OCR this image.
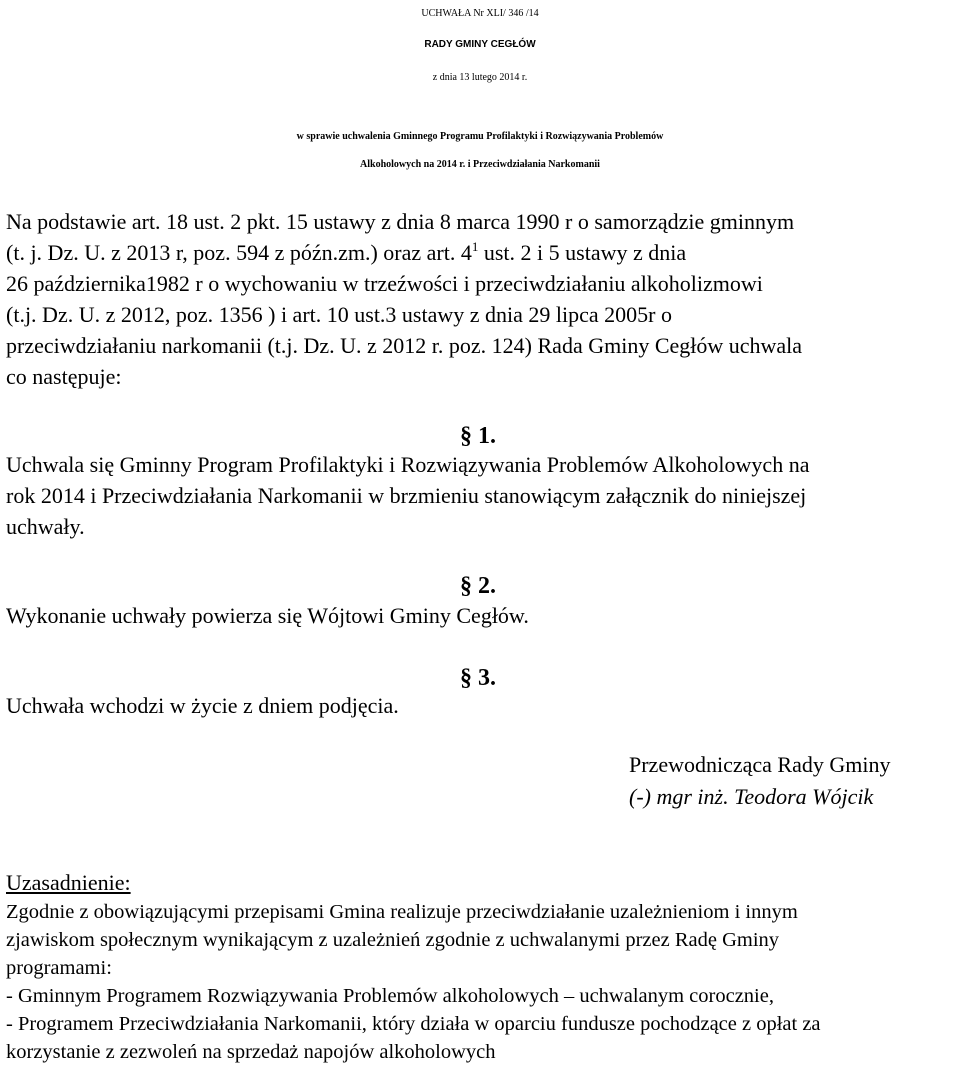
UCHWAŁA Nr XLI/ 346 /14
RADY GMINY CEGŁÓW
z dnia 13 lutego 2014 r.
w sprawie uchwalenia Gminnego Programu Profilaktyki i Rozwiązywania Problemów
Alkoholowych na 2014 r. i Przeciwdziałania Narkomanii
Na podstawie art. 18 ust. 2 pkt. 15 ustawy z dnia 8 marca 1990 r o samorządzie gminnym
(t. j. Dz. U. z 2013 r, poz. 594 z późn.zm.) oraz art. $4^1$ ust. 2 i 5 ustawy z dnia
26 października1982 r o wychowaniu w trzeźwości i przeciwdziałaniu alkoholizmowi
(t.j. Dz. U. z 2012, poz. 1356 ) i art. 10 ust.3 ustawy z dnia 29 lipca 2005r o
przeciwdziałaniu narkomanii (t.j. Dz. U. z 2012 r. poz. 124) Rada Gminy Cegłów uchwala
co następuje:
§ 1.
Uchwala się Gminny Program Profilaktyki i Rozwiązywania Problemów Alkoholowych na
rok 2014 i Przeciwdziałania Narkomanii w brzmieniu stanowiącym załącznik do niniejszej
uchwały.
§ 2.
Wykonanie uchwały powierza się Wójtowi Gminy Cegłów.
§ 3.
Uchwała wchodzi w życie z dniem podjęcia.
Przewodnicząca Rady Gminy
(-) mgr inż. Teodora Wójcik
Uzasadnienie:
Zgodnie z obowiązującymi przepisami Gmina realizuje przeciwdziałanie uzależnieniom i innym
zjawiskom społecznym wynikającym z uzależnień zgodnie z uchwalanymi przez Radę Gminy
programami:
- Gminnym Programem Rozwiązywania Problemów alkoholowych – uchwalanym corocznie,
- Programem Przeciwdziałania Narkomanii, który działa w oparciu fundusze pochodzące z opłat za
korzystanie z zezwoleń na sprzedaż napojów alkoholowych
